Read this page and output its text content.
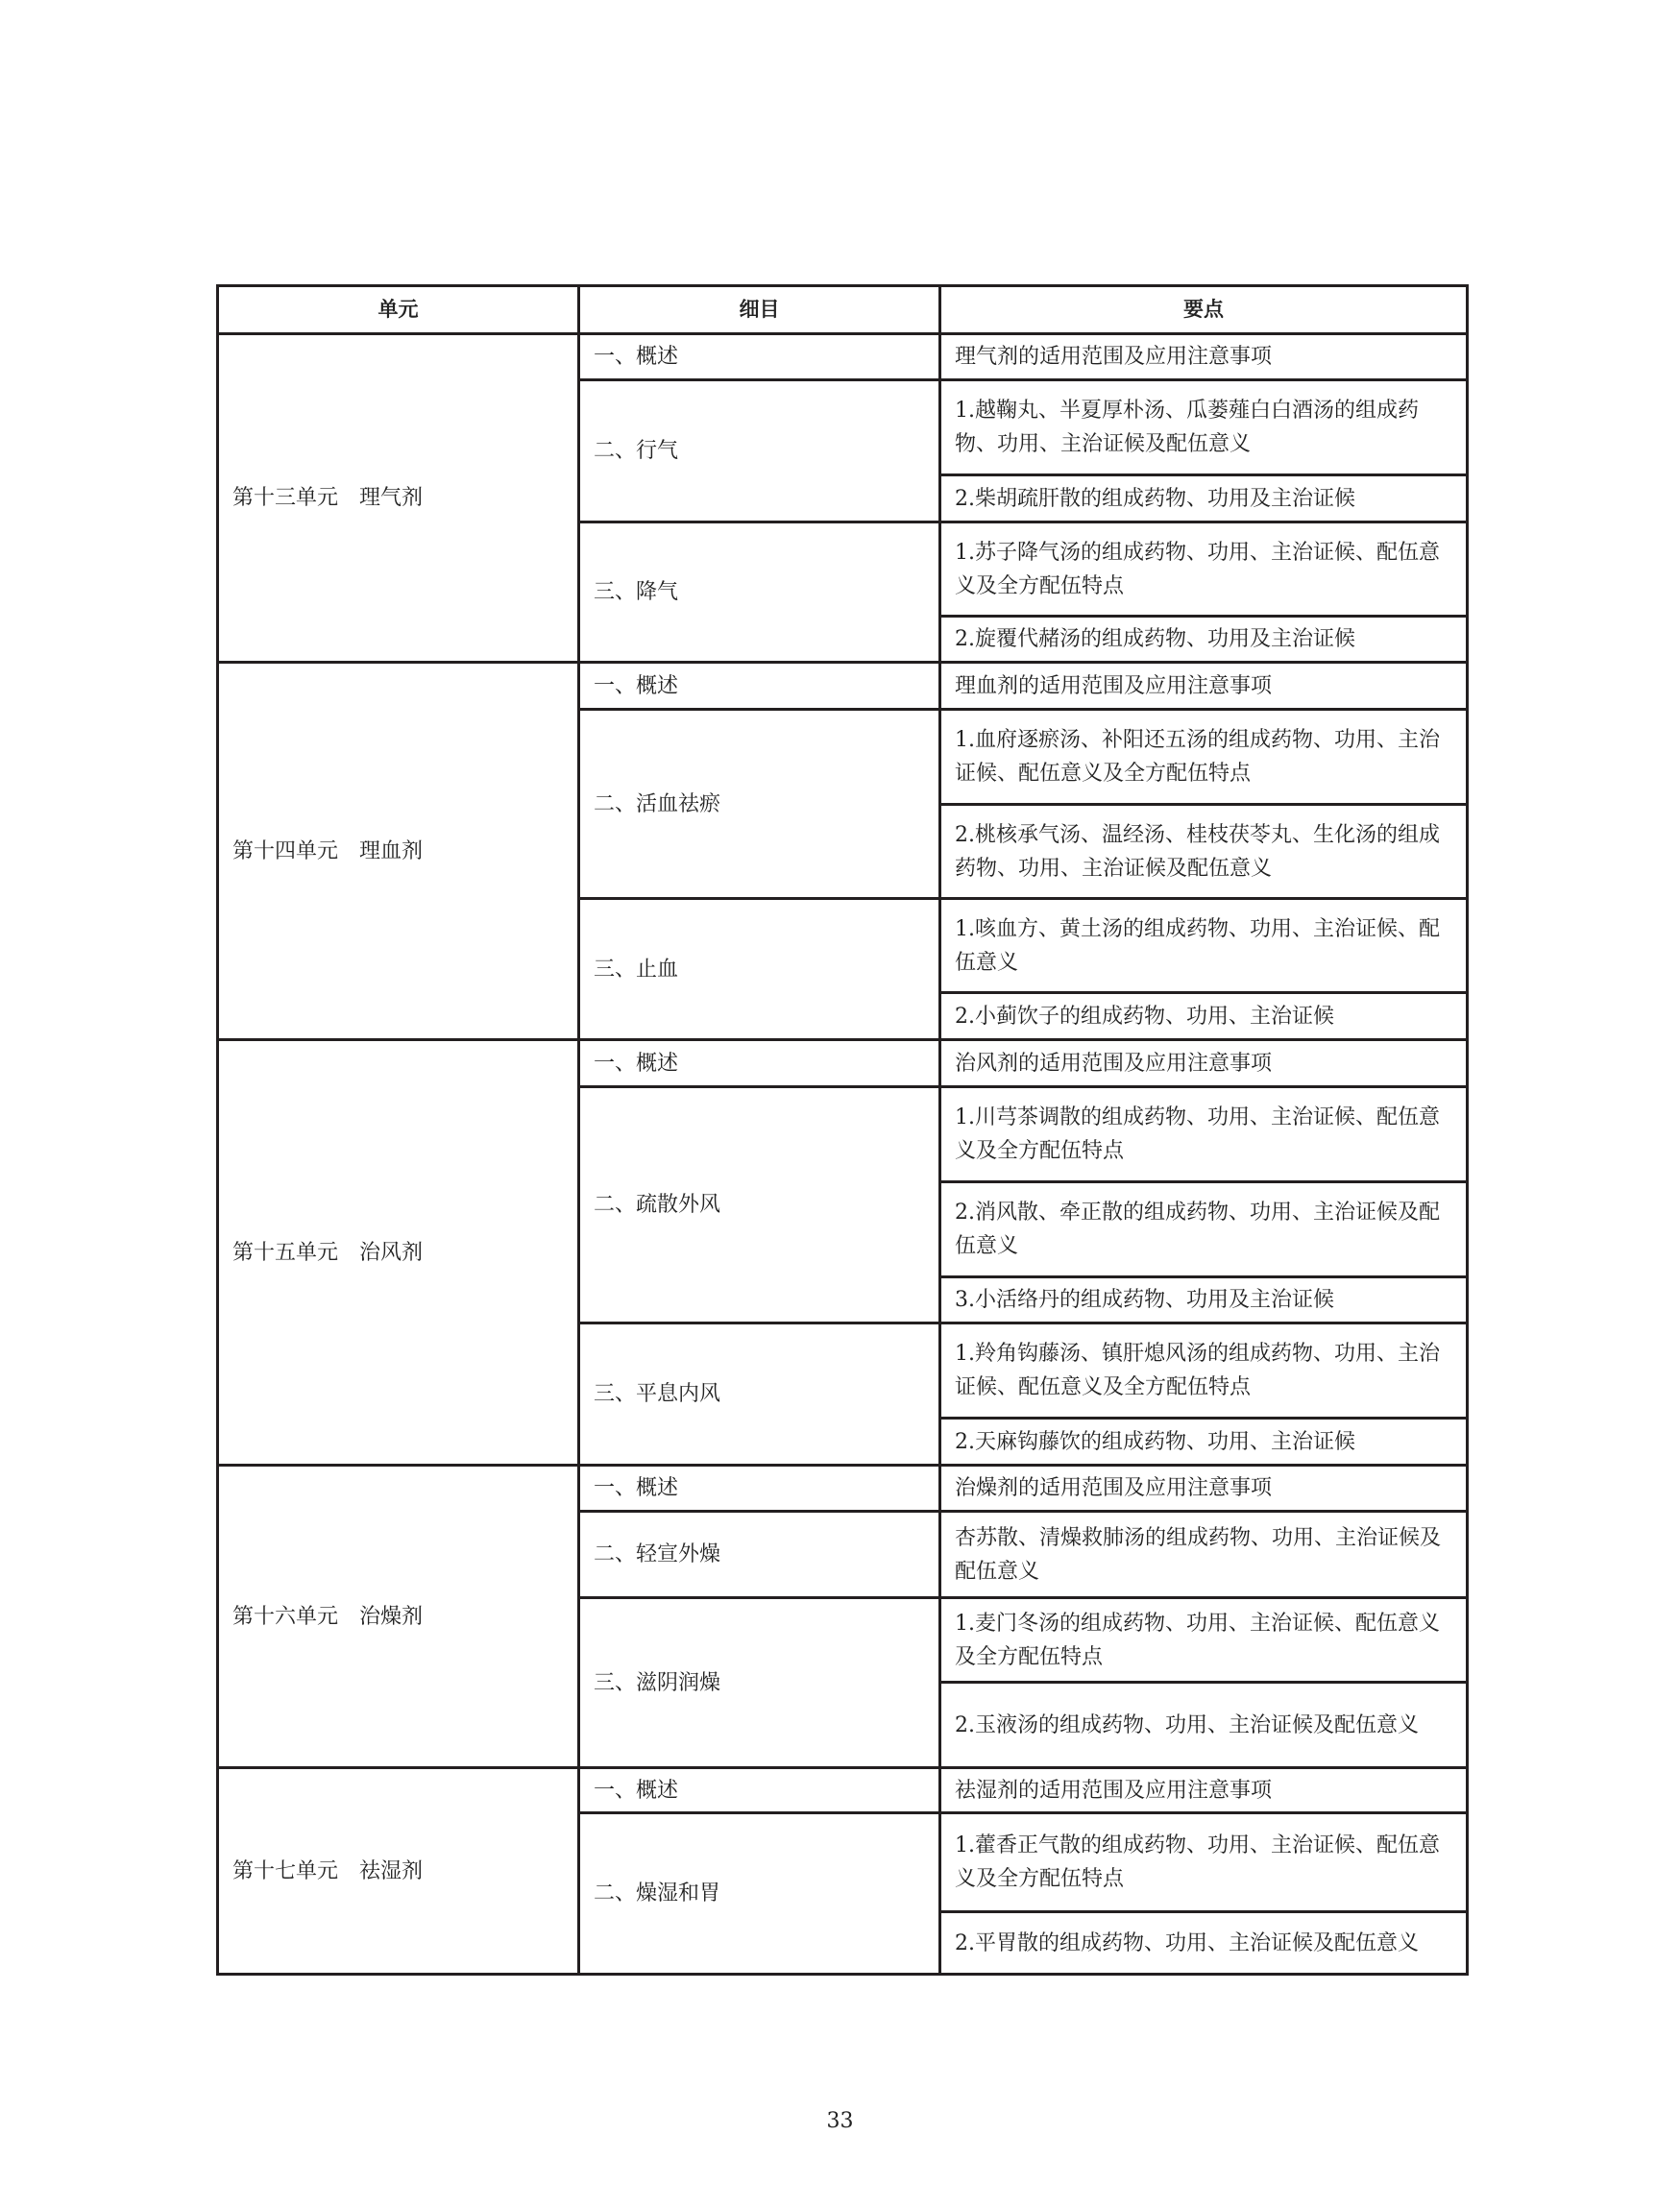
单元	细目	要点
第十三单元　理气剂	一、概述	理气剂的适用范围及应用注意事项
	二、行气	1.越鞠丸、半夏厚朴汤、瓜蒌薤白白酒汤的组成药物、功用、主治证候及配伍意义
		2.柴胡疏肝散的组成药物、功用及主治证候
	三、降气	1.苏子降气汤的组成药物、功用、主治证候、配伍意义及全方配伍特点
		2.旋覆代赭汤的组成药物、功用及主治证候
第十四单元　理血剂	一、概述	理血剂的适用范围及应用注意事项
	二、活血祛瘀	1.血府逐瘀汤、补阳还五汤的组成药物、功用、主治证候、配伍意义及全方配伍特点
		2.桃核承气汤、温经汤、桂枝茯苓丸、生化汤的组成药物、功用、主治证候及配伍意义
	三、止血	1.咳血方、黄土汤的组成药物、功用、主治证候、配伍意义
		2.小蓟饮子的组成药物、功用、主治证候
第十五单元　治风剂	一、概述	治风剂的适用范围及应用注意事项
	二、疏散外风	1.川芎茶调散的组成药物、功用、主治证候、配伍意义及全方配伍特点
		2.消风散、牵正散的组成药物、功用、主治证候及配伍意义
		3.小活络丹的组成药物、功用及主治证候
	三、平息内风	1.羚角钩藤汤、镇肝熄风汤的组成药物、功用、主治证候、配伍意义及全方配伍特点
		2.天麻钩藤饮的组成药物、功用、主治证候
第十六单元　治燥剂	一、概述	治燥剂的适用范围及应用注意事项
	二、轻宣外燥	杏苏散、清燥救肺汤的组成药物、功用、主治证候及配伍意义
	三、滋阴润燥	1.麦门冬汤的组成药物、功用、主治证候、配伍意义及全方配伍特点
		2.玉液汤的组成药物、功用、主治证候及配伍意义
第十七单元　祛湿剂	一、概述	祛湿剂的适用范围及应用注意事项
	二、燥湿和胃	1.藿香正气散的组成药物、功用、主治证候、配伍意义及全方配伍特点
		2.平胃散的组成药物、功用、主治证候及配伍意义
33
